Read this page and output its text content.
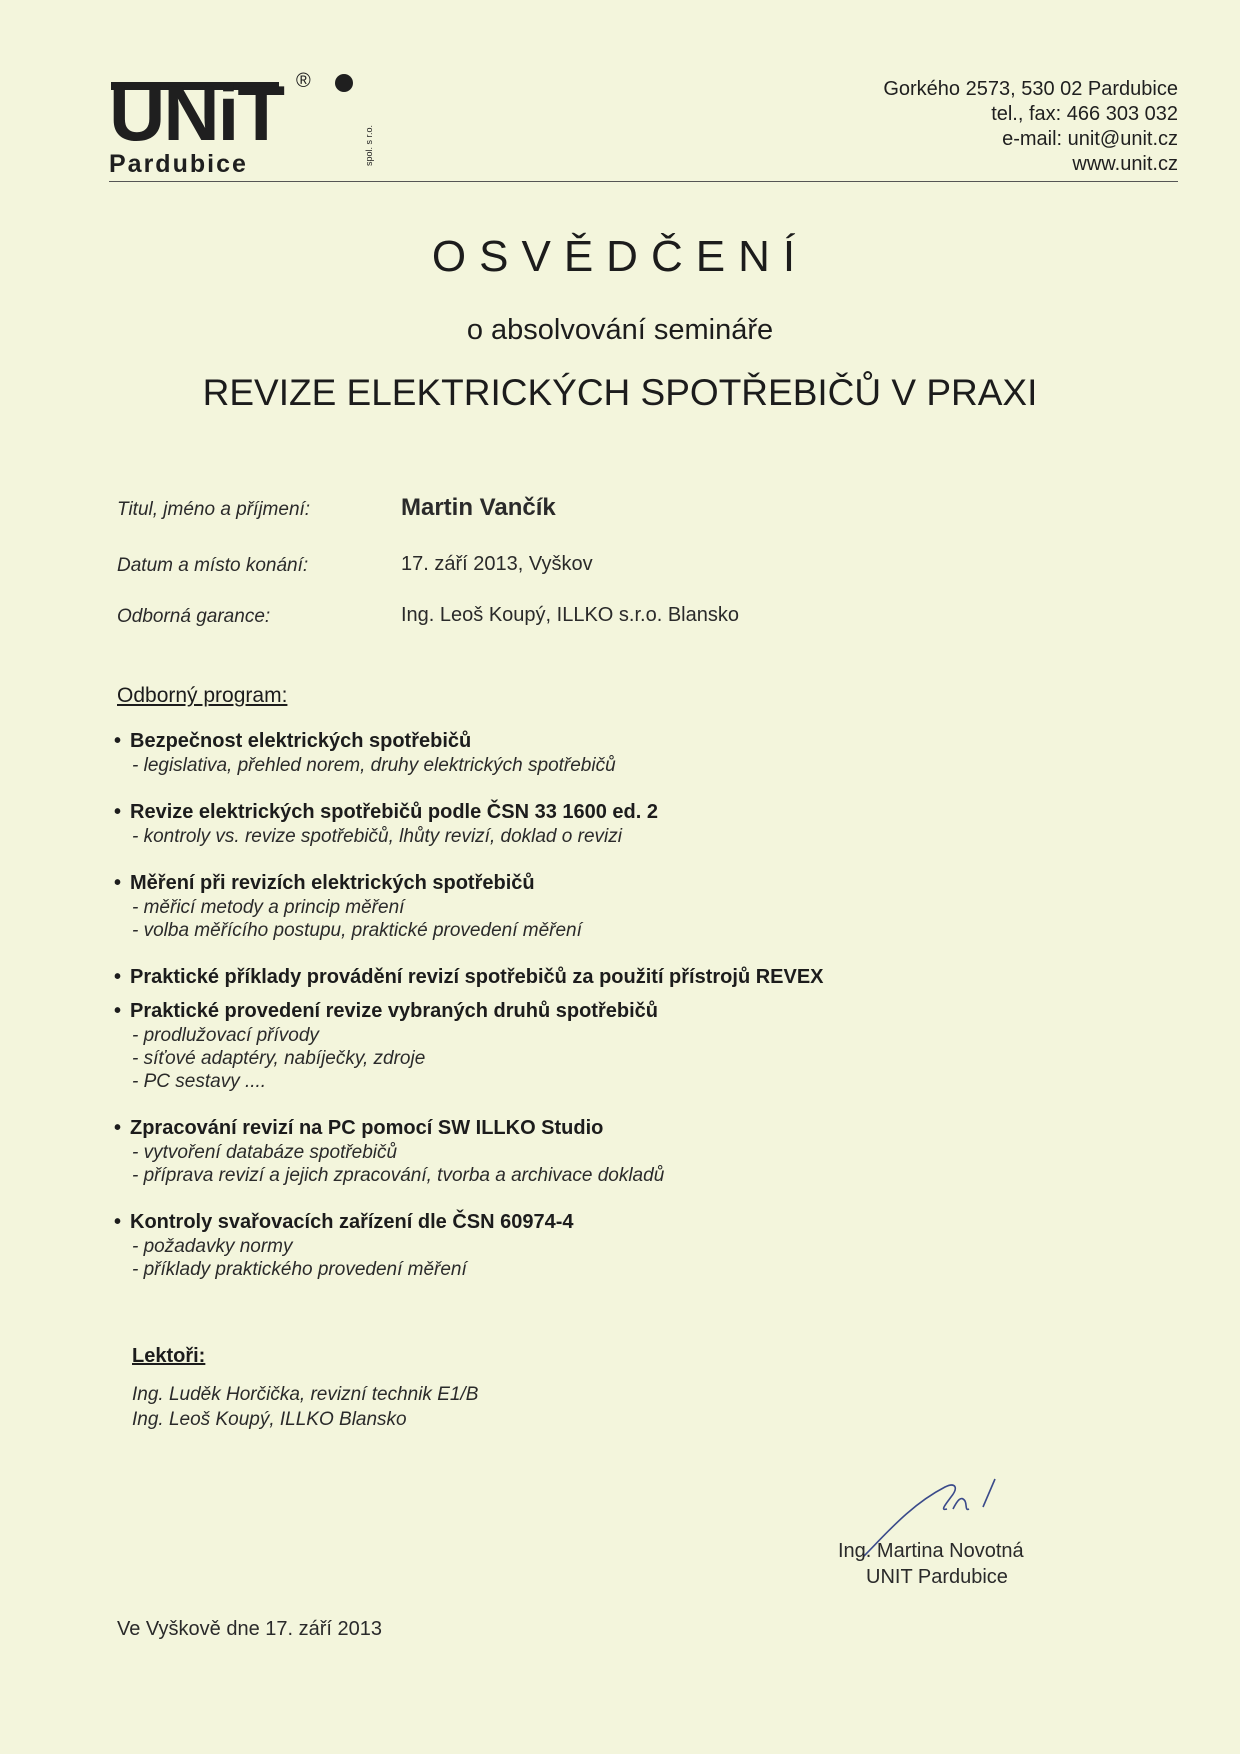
UNiT	spol. s r.o.
Pardubice
®	Gorkého 2573, 530 02 Pardubice
tel., fax: 466 303 032
e-mail: unit@unit.cz
www.unit.cz
OSVĚDČENÍ
o absolvování semináře
REVIZE ELEKTRICKÝCH SPOTŘEBIČŮ V PRAXI
Titul, jméno a příjmení:	Martin Vančík
Datum a místo konání:	17. září 2013, Vyškov
Odborná garance:	Ing. Leoš Koupý, ILLKO s.r.o. Blansko
Odborný program:
• Bezpečnost elektrických spotřebičů
- legislativa, přehled norem, druhy elektrických spotřebičů
• Revize elektrických spotřebičů podle ČSN 33 1600 ed. 2
- kontroly vs. revize spotřebičů, lhůty revizí, doklad o revizi
• Měření při revizích elektrických spotřebičů
- měřicí metody a princip měření
- volba měřícího postupu, praktické provedení měření
• Praktické příklady provádění revizí spotřebičů za použití přístrojů REVEX
• Praktické provedení revize vybraných druhů spotřebičů
- prodlužovací přívody
- síťové adaptéry, nabíječky, zdroje
- PC sestavy ....
• Zpracování revizí na PC pomocí SW ILLKO Studio
- vytvoření databáze spotřebičů
- příprava revizí a jejich zpracování, tvorba a archivace dokladů
• Kontroly svařovacích zařízení dle ČSN 60974-4
- požadavky normy
- příklady praktického provedení měření
Lektoři:
Ing. Luděk Horčička, revizní technik E1/B
Ing. Leoš Koupý, ILLKO Blansko
Ing. Martina Novotná
UNIT Pardubice
Ve Vyškově dne 17. září 2013
